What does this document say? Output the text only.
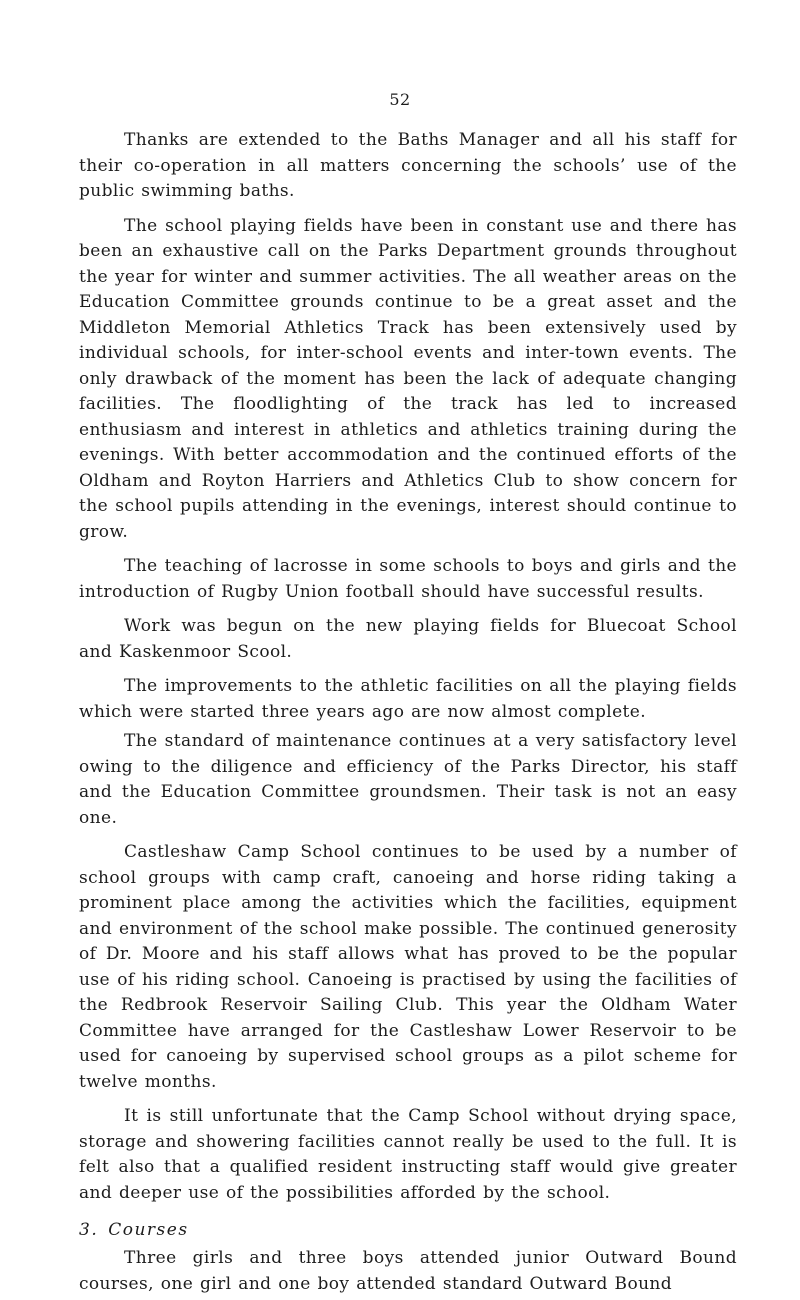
52

Thanks are extended to the Baths Manager and all his staff for their co-operation in all matters concerning the schools’ use of the public swimming baths.

The school playing fields have been in constant use and there has been an exhaustive call on the Parks Department grounds throughout the year for winter and summer activities. The all weather areas on the Education Committee grounds continue to be a great asset and the Middleton Memorial Athletics Track has been extensively used by individual schools, for inter-school events and inter-town events. The only drawback of the moment has been the lack of adequate changing facilities. The floodlighting of the track has led to increased enthusiasm and interest in athletics and athletics training during the evenings. With better accommodation and the continued efforts of the Oldham and Royton Harriers and Athletics Club to show concern for the school pupils attending in the evenings, interest should continue to grow.

The teaching of lacrosse in some schools to boys and girls and the introduction of Rugby Union football should have successful results.

Work was begun on the new playing fields for Bluecoat School and Kaskenmoor Scool.

The improvements to the athletic facilities on all the playing fields which were started three years ago are now almost complete.

The standard of maintenance continues at a very satisfactory level owing to the diligence and efficiency of the Parks Director, his staff and the Education Committee groundsmen. Their task is not an easy one.

Castleshaw Camp School continues to be used by a number of school groups with camp craft, canoeing and horse riding taking a prominent place among the activities which the facilities, equipment and environment of the school make possible. The continued generosity of Dr. Moore and his staff allows what has proved to be the popular use of his riding school. Canoeing is practised by using the facilities of the Redbrook Reservoir Sailing Club. This year the Oldham Water Committee have arranged for the Castleshaw Lower Reservoir to be used for canoeing by supervised school groups as a pilot scheme for twelve months.

It is still unfortunate that the Camp School without drying space, storage and showering facilities cannot really be used to the full. It is felt also that a qualified resident instructing staff would give greater and deeper use of the possibilities afforded by the school.

3. Courses

Three girls and three boys attended junior Outward Bound courses, one girl and one boy attended standard Outward Bound
